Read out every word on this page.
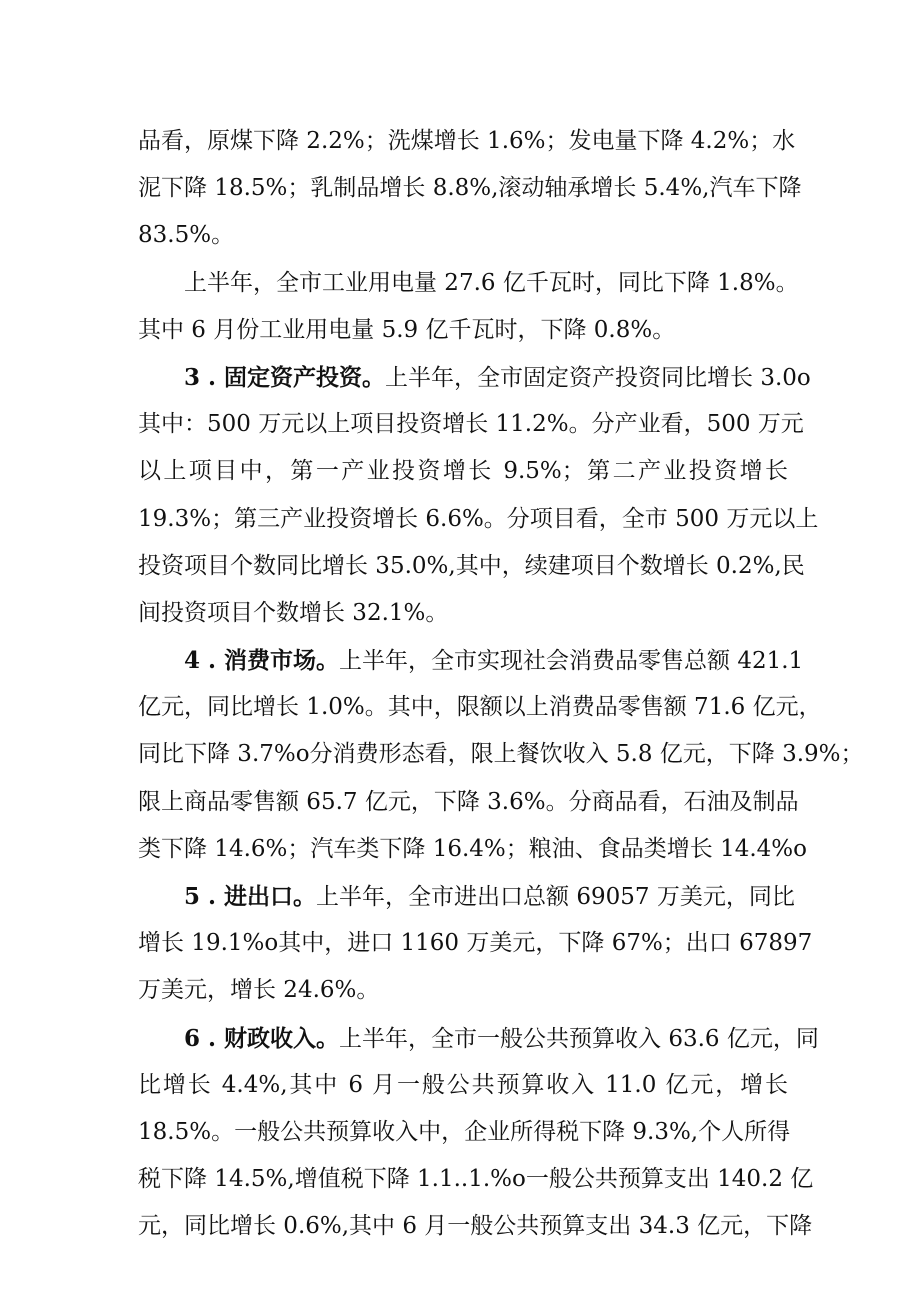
品看，原煤下降 2.2%；洗煤增长 1.6%；发电量下降 4.2%；水
泥下降 18.5%；乳制品增长 8.8%,滚动轴承增长 5.4%,汽车下降
83.5%。
上半年，全市工业用电量 27.6 亿千瓦时，同比下降 1.8%。
其中 6 月份工业用电量 5.9 亿千瓦时，下降 0.8%。
3 . 固定资产投资。上半年，全市固定资产投资同比增长 3.0o
其中：500 万元以上项目投资增长 11.2%。分产业看，500 万元
以上项目中，第一产业投资增长 9.5%；第二产业投资增长
19.3%；第三产业投资增长 6.6%。分项目看，全市 500 万元以上
投资项目个数同比增长 35.0%,其中，续建项目个数增长 0.2%,民
间投资项目个数增长 32.1%。
4 . 消费市场。上半年，全市实现社会消费品零售总额 421.1
亿元，同比增长 1.0%。其中，限额以上消费品零售额 71.6 亿元，
同比下降 3.7%o分消费形态看，限上餐饮收入 5.8 亿元，下降 3.9%；
限上商品零售额 65.7 亿元，下降 3.6%。分商品看，石油及制品
类下降 14.6%；汽车类下降 16.4%；粮油、食品类增长 14.4%o
5 . 进出口。上半年，全市进出口总额 69057 万美元，同比
增长 19.1%o其中，进口 1160 万美元，下降 67%；出口 67897
万美元，增长 24.6%。
6 . 财政收入。上半年，全市一般公共预算收入 63.6 亿元，同
比增长 4.4%,其中 6 月一般公共预算收入 11.0 亿元，增长
18.5%。一般公共预算收入中，企业所得税下降 9.3%,个人所得
税下降 14.5%,增值税下降 1.1..1.%o一般公共预算支出 140.2 亿
元，同比增长 0.6%,其中 6 月一般公共预算支出 34.3 亿元，下降
